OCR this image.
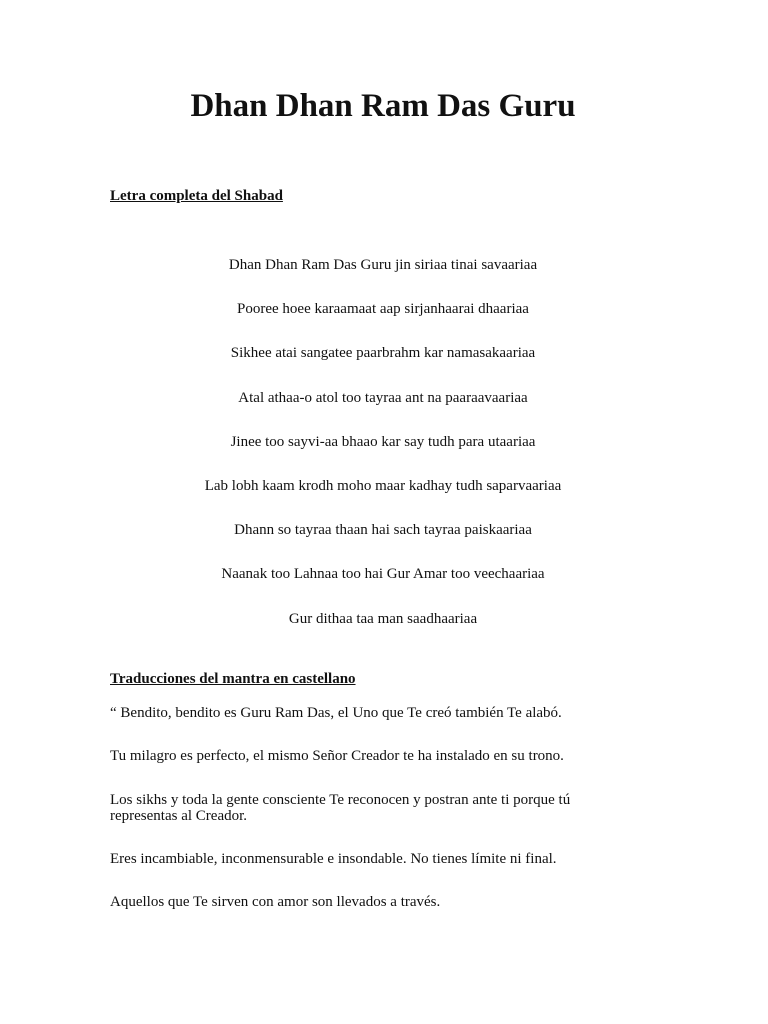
Dhan Dhan Ram Das Guru
Letra completa del Shabad
Dhan Dhan Ram Das Guru jin siriaa tinai savaariaa
Pooree hoee karaamaat aap sirjanhaarai dhaariaa
Sikhee atai sangatee paarbrahm kar namasakaariaa
Atal athaa-o atol too tayraa ant na paaraavaariaa
Jinee too sayvi-aa bhaao kar say tudh para utaariaa
Lab lobh kaam krodh moho maar kadhay tudh saparvaariaa
Dhann so tayraa thaan hai sach tayraa paiskaariaa
Naanak too Lahnaa too hai Gur Amar too veechaariaa
Gur dithaa taa man saadhaariaa
Traducciones del mantra en castellano
“ Bendito, bendito es Guru Ram Das, el Uno que Te creó también Te alabó.
Tu milagro es perfecto, el mismo Señor Creador te ha instalado en su trono.
Los sikhs y toda la gente consciente Te reconocen y postran ante ti porque tú representas al Creador.
Eres incambiable, inconmensurable e insondable. No tienes límite ni final.
Aquellos que Te sirven con amor son llevados a través.
